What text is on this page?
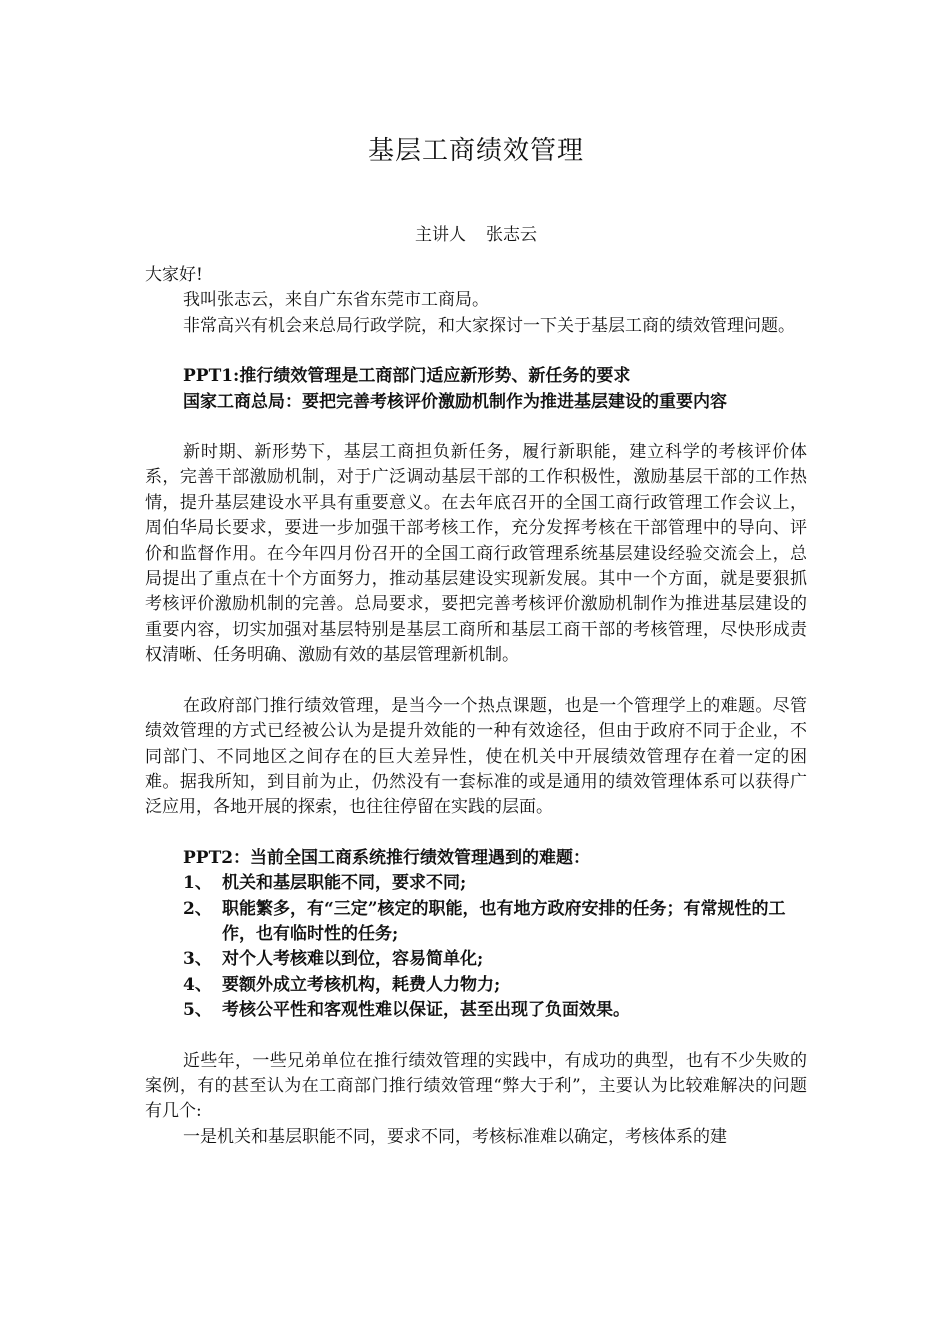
基层工商绩效管理
主讲人 张志云

大家好!

我叫张志云，来自广东省东莞市工商局。

非常高兴有机会来总局行政学院，和大家探讨一下关于基层工商的绩效管理问题。

PPT1:推行绩效管理是工商部门适应新形势、新任务的要求

国家工商总局：要把完善考核评价激励机制作为推进基层建设的重要内容

新时期、新形势下，基层工商担负新任务，履行新职能，建立科学的考核评价体系，完善干部激励机制，对于广泛调动基层干部的工作积极性，激励基层干部的工作热情，提升基层建设水平具有重要意义。在去年底召开的全国工商行政管理工作会议上，周伯华局长要求，要进一步加强干部考核工作，充分发挥考核在干部管理中的导向、评价和监督作用。在今年四月份召开的全国工商行政管理系统基层建设经验交流会上，总局提出了重点在十个方面努力，推动基层建设实现新发展。其中一个方面，就是要狠抓考核评价激励机制的完善。总局要求，要把完善考核评价激励机制作为推进基层建设的重要内容，切实加强对基层特别是基层工商所和基层工商干部的考核管理，尽快形成责权清晰、任务明确、激励有效的基层管理新机制。

在政府部门推行绩效管理，是当今一个热点课题，也是一个管理学上的难题。尽管绩效管理的方式已经被公认为是提升效能的一种有效途径，但由于政府不同于企业，不同部门、不同地区之间存在的巨大差异性，使在机关中开展绩效管理存在着一定的困难。据我所知，到目前为止，仍然没有一套标准的或是通用的绩效管理体系可以获得广泛应用，各地开展的探索，也往往停留在实践的层面。

PPT2：当前全国工商系统推行绩效管理遇到的难题：

1、 机关和基层职能不同，要求不同;
2、 职能繁多，有“三定”核定的职能，也有地方政府安排的任务；有常规性的工作，也有临时性的任务;
3、 对个人考核难以到位，容易简单化;
4、 要额外成立考核机构，耗费人力物力;
5、 考核公平性和客观性难以保证，甚至出现了负面效果。

近些年，一些兄弟单位在推行绩效管理的实践中，有成功的典型，也有不少失败的案例，有的甚至认为在工商部门推行绩效管理“弊大于利”，主要认为比较难解决的问题有几个:

一是机关和基层职能不同，要求不同，考核标准难以确定，考核体系的建
